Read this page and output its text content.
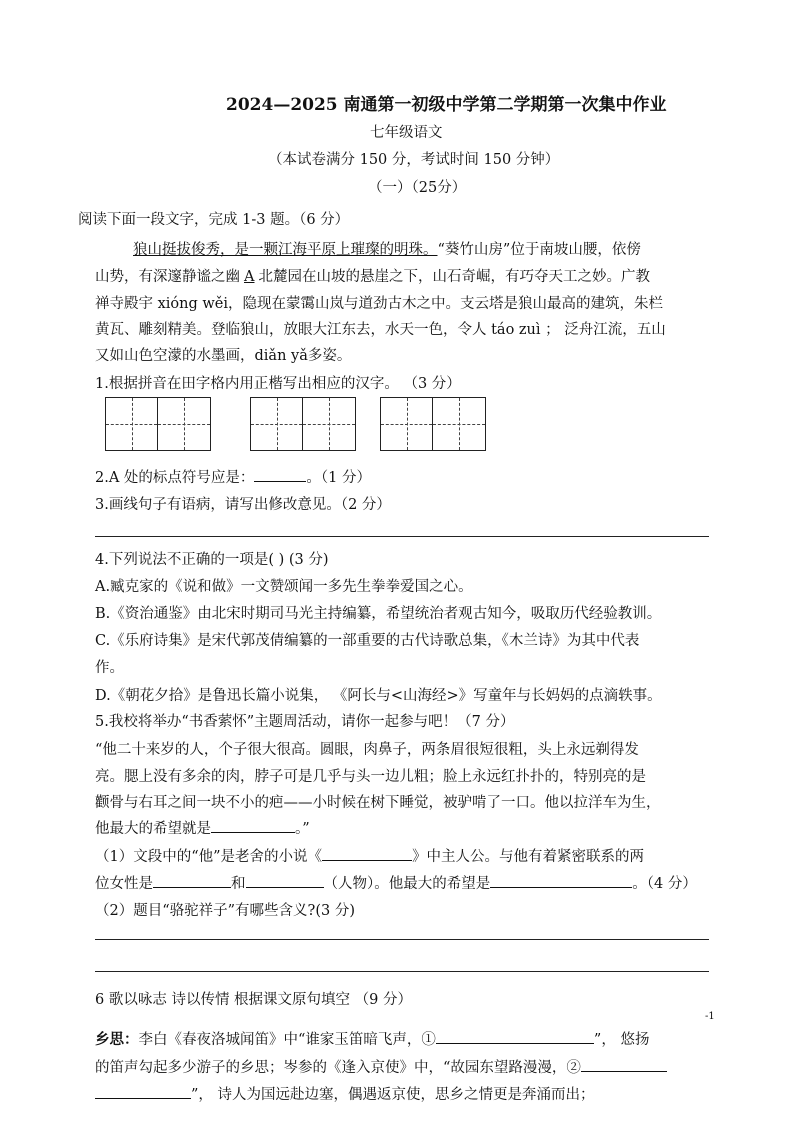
2024—2025 南通第一初级中学第二学期第一次集中作业
七年级语文
（本试卷满分 150 分，考试时间 150 分钟）
（一）（25分）
阅读下面一段文字，完成 1-3 题。（6 分）
狼山挺拔俊秀，是一颗江海平原上璀璨的明珠。“葵竹山房”位于南坡山腰，依傍
山势，有深邃静谧之幽 A 北麓园在山坡的悬崖之下，山石奇崛，有巧夺天工之妙。广教
禅寺殿宇 xióng wěi，隐现在蒙霭山岚与道劲古木之中。支云塔是狼山最高的建筑，朱栏
黄瓦、雕刻精美。登临狼山，放眼大江东去，水天一色，令人 táo zuì ； 泛舟江流，五山
又如山色空濛的水墨画，diǎn yǎ多姿。
1.根据拼音在田字格内用正楷写出相应的汉字。 （3 分）
2.A 处的标点符号应是：	。（1 分）
3.画线句子有语病，请写出修改意见。（2 分）
4.下列说法不正确的一项是( ) (3 分)
A.臧克家的《说和做》一文赞颂闻一多先生拳拳爱国之心。
B.《资治通鉴》由北宋时期司马光主持编纂，希望统治者观古知今，吸取历代经验教训。
C.《乐府诗集》是宋代郭茂倩编纂的一部重要的古代诗歌总集，《木兰诗》为其中代表
作。
D.《朝花夕拾》是鲁迅长篇小说集， 《阿长与<山海经>》写童年与长妈妈的点滴轶事。
5.我校将举办“书香萦怀”主题周活动，请你一起参与吧！（7 分）
“他二十来岁的人，个子很大很高。圆眼，肉鼻子，两条眉很短很粗，头上永远剃得发
亮。腮上没有多余的肉，脖子可是几乎与头一边儿粗；脸上永远红扑扑的，特别亮的是
颧骨与右耳之间一块不小的疤——小时候在树下睡觉，被驴啃了一口。他以拉洋车为生，
他最大的希望就是	。”
（1）文段中的“他”是老舍的小说《	》中主人公。与他有着紧密联系的两
位女性是	和	（人物）。他最大的希望是	。（4 分）
（2）题目“骆驼祥子”有哪些含义?(3 分)
6 歌以咏志 诗以传情 根据课文原句填空 （9 分）
-1
乡思：李白《春夜洛城闻笛》中“谁家玉笛暗飞声，①	”， 悠扬
的笛声勾起多少游子的乡思；岑参的《逢入京使》中，“故园东望路漫漫，②
”， 诗人为国远赴边塞，偶遇返京使，思乡之情更是奔涌而出；
